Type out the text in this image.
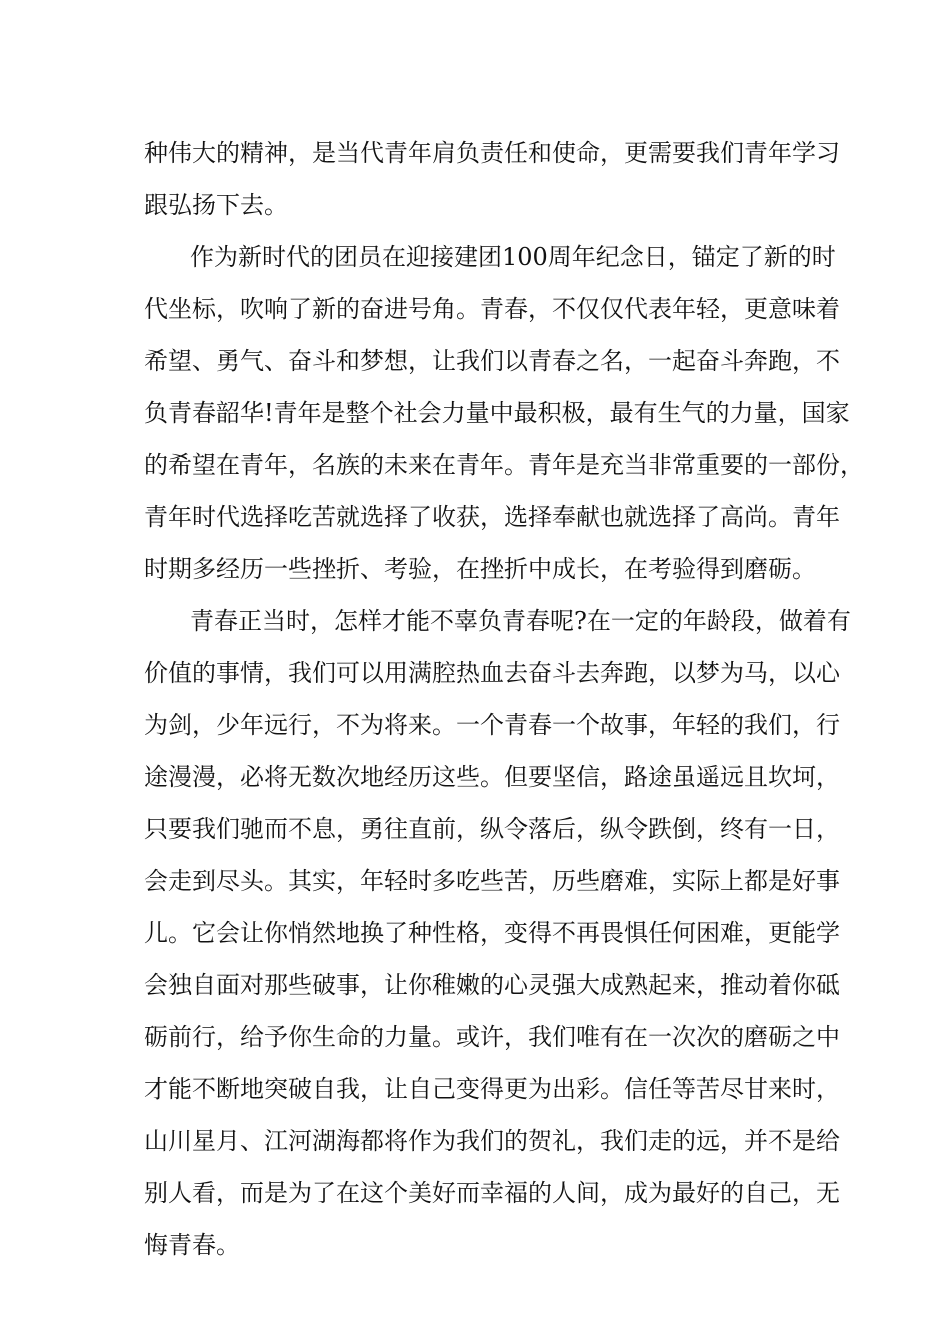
种伟大的精神，是当代青年肩负责任和使命，更需要我们青年学习
跟弘扬下去。
作为新时代的团员在迎接建团100周年纪念日，锚定了新的时
代坐标，吹响了新的奋进号角。青春，不仅仅代表年轻，更意味着
希望、勇气、奋斗和梦想，让我们以青春之名，一起奋斗奔跑，不
负青春韶华!青年是整个社会力量中最积极，最有生气的力量，国家
的希望在青年，名族的未来在青年。青年是充当非常重要的一部份，
青年时代选择吃苦就选择了收获，选择奉献也就选择了高尚。青年
时期多经历一些挫折、考验，在挫折中成长，在考验得到磨砺。
青春正当时，怎样才能不辜负青春呢?在一定的年龄段，做着有
价值的事情，我们可以用满腔热血去奋斗去奔跑，以梦为马，以心
为剑，少年远行，不为将来。一个青春一个故事，年轻的我们，行
途漫漫，必将无数次地经历这些。但要坚信，路途虽遥远且坎坷，
只要我们驰而不息，勇往直前，纵令落后，纵令跌倒，终有一日，
会走到尽头。其实，年轻时多吃些苦，历些磨难，实际上都是好事
儿。它会让你悄然地换了种性格，变得不再畏惧任何困难，更能学
会独自面对那些破事，让你稚嫩的心灵强大成熟起来，推动着你砥
砺前行，给予你生命的力量。或许，我们唯有在一次次的磨砺之中
才能不断地突破自我，让自己变得更为出彩。信任等苦尽甘来时，
山川星月、江河湖海都将作为我们的贺礼，我们走的远，并不是给
别人看，而是为了在这个美好而幸福的人间，成为最好的自己，无
悔青春。
